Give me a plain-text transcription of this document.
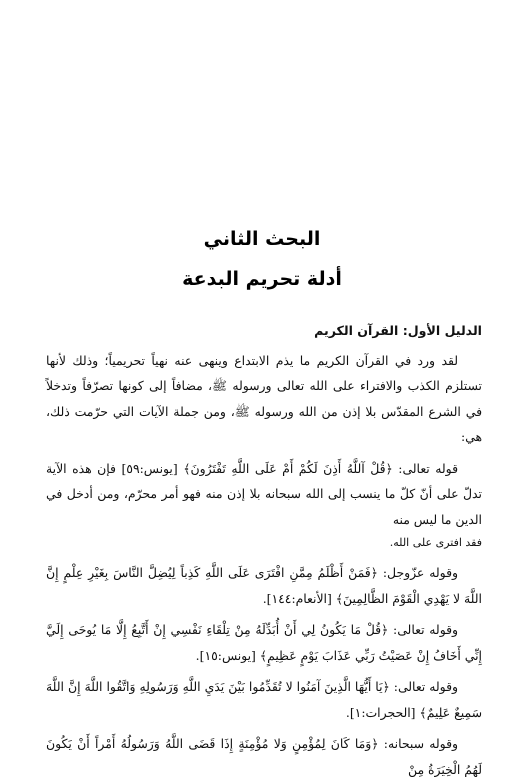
البحث الثاني
أدلة تحريم البدعة

الدليل الأول: القرآن الكريم

لقد ورد في القرآن الكريم ما يذم الابتداع وينهى عنه نهياً تحريمياً؛ وذلك لأنها تستلزم الكذب والافتراء على الله تعالى ورسوله ﷺ، مضافاً إلى كونها تصرّفاً وتدخلاً في الشرع المقدّس بلا إذن من الله ورسوله ﷺ، ومن جملة الآيات التي حرّمت ذلك، هي:

قوله تعالى: ﴿قُلْ آللَّهُ أَذِنَ لَكُمْ أَمْ عَلَى اللَّهِ تَفْتَرُونَ﴾ [يونس:٥٩] فإن هذه الآية تدلّ على أنّ كلّ ما ينسب إلى الله سبحانه بلا إذن منه فهو أمر محرّم، ومن أدخل في الدين ما ليس منه

فقد افترى على الله.

وقوله عزّوجل: ﴿فَمَنْ أَظْلَمُ مِمَّنِ افْتَرَى عَلَى اللَّهِ كَذِباً لِيُضِلَّ النَّاسَ بِغَيْرِ عِلْمٍ إِنَّ اللَّهَ لا يَهْدِي الْقَوْمَ الظَّالِمِينَ﴾ [الأنعام:١٤٤].

وقوله تعالى: ﴿قُلْ مَا يَكُونُ لِي أَنْ أُبَدِّلَهُ مِنْ تِلْقَاءِ نَفْسِي إِنْ أَتَّبِعُ إِلَّا مَا يُوحَى إِلَيَّ إِنِّي أَخَافُ إِنْ عَصَيْتُ رَبِّي عَذَابَ يَوْمٍ عَظِيمٍ﴾ [يونس:١٥].

وقوله تعالى: ﴿يَا أَيُّهَا الَّذِينَ آمَنُوا لا تُقَدِّمُوا بَيْنَ يَدَيِ اللَّهِ وَرَسُولِهِ وَاتَّقُوا اللَّهَ إِنَّ اللَّهَ سَمِيعٌ عَلِيمٌ﴾ [الحجرات:١].

وقوله سبحانه: ﴿وَمَا كَانَ لِمُؤْمِنٍ وَلا مُؤْمِنَةٍ إِذَا قَضَى اللَّهُ وَرَسُولُهُ أَمْراً أَنْ يَكُونَ لَهُمُ الْخِيَرَةُ مِنْ
